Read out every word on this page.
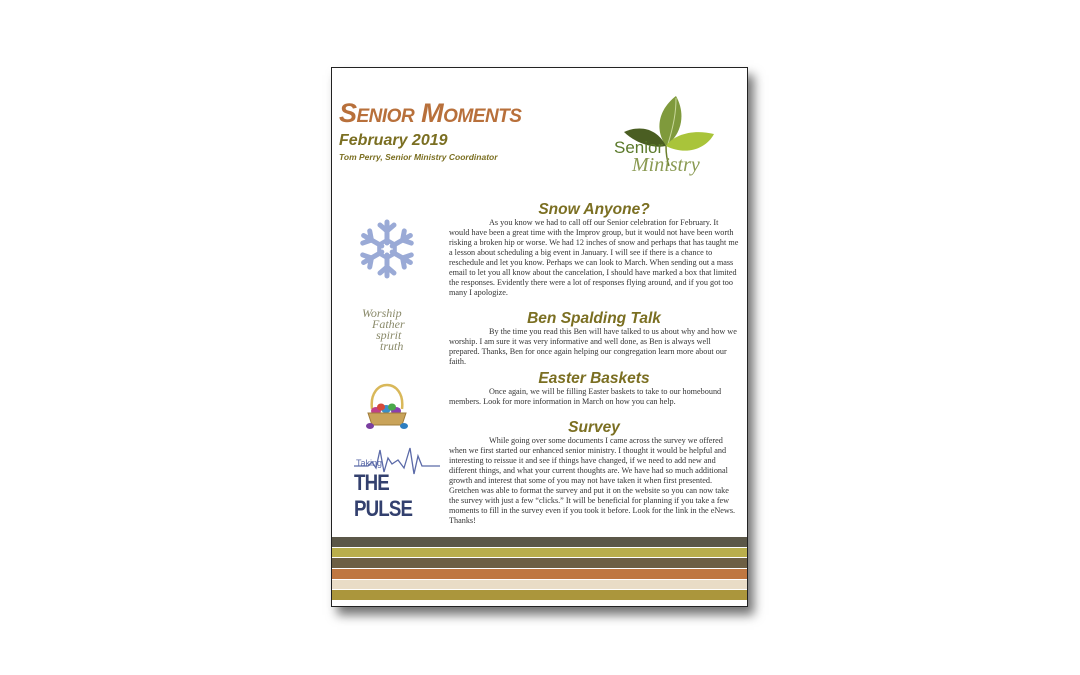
Senior Moments
February 2019
Tom Perry, Senior Ministry Coordinator	Senior
Ministry
Worship
Father
spirit
truth
Taking
THE PULSE
Snow Anyone?

As you know we had to call off our Senior celebration for February. It would have been a great time with the Improv group, but it would not have been worth risking a broken hip or worse. We had 12 inches of snow and perhaps that has taught me a lesson about scheduling a big event in January. I will see if there is a chance to reschedule and let you know. Perhaps we can look to March. When sending out a mass email to let you all know about the cancelation, I should have marked a box that limited the responses. Evidently there were a lot of responses flying around, and if you got too many I apologize.

Ben Spalding Talk

By the time you read this Ben will have talked to us about why and how we worship. I am sure it was very informative and well done, as Ben is always well prepared. Thanks, Ben for once again helping our congregation learn more about our faith.

Easter Baskets

Once again, we will be filling Easter baskets to take to our homebound members. Look for more information in March on how you can help.

Survey

While going over some documents I came across the survey we offered when we first started our enhanced senior ministry. I thought it would be helpful and interesting to reissue it and see if things have changed, if we need to add new and different things, and what your current thoughts are. We have had so much additional growth and interest that some of you may not have taken it when first presented. Gretchen was able to format the survey and put it on the website so you can now take the survey with just a few “clicks.” It will be beneficial for planning if you take a few moments to fill in the survey even if you took it before. Look for the link in the eNews. Thanks!
